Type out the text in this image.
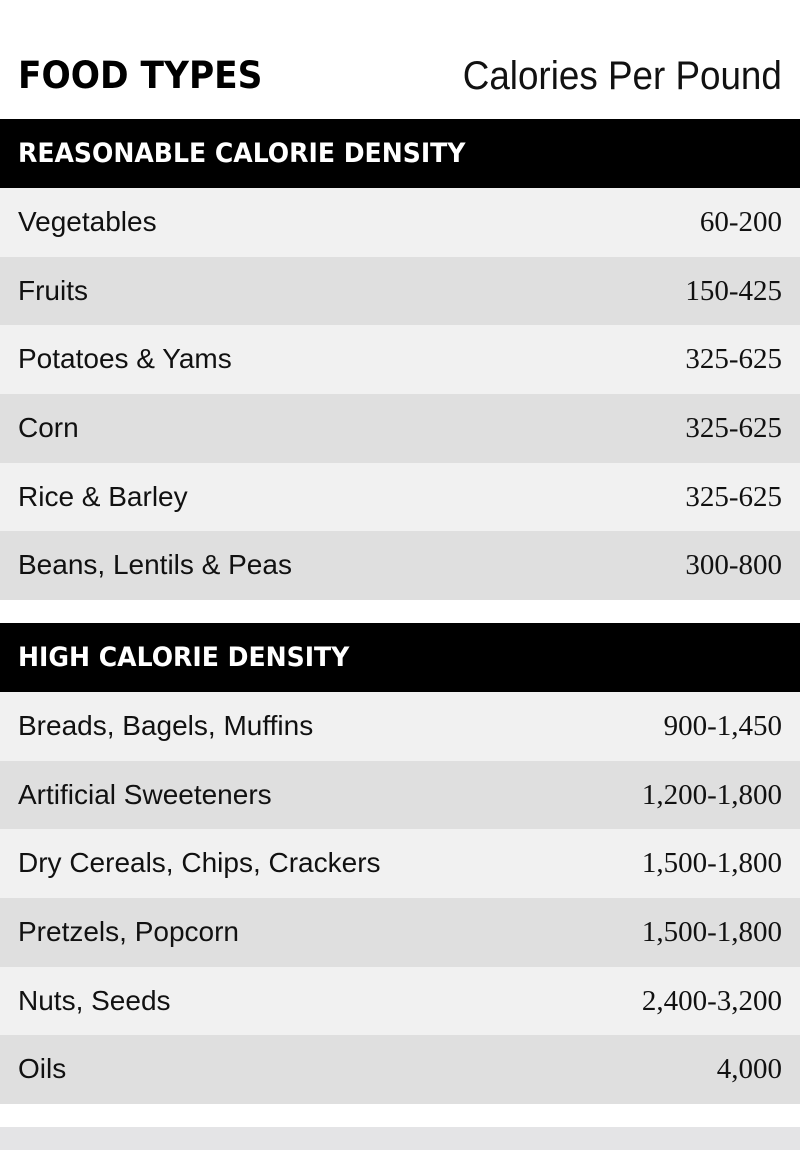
FOOD TYPES	Calories Per Pound
REASONABLE CALORIE DENSITY
Vegetables	60-200
Fruits	150-425
Potatoes & Yams	325-625
Corn	325-625
Rice & Barley	325-625
Beans, Lentils & Peas	300-800
HIGH CALORIE DENSITY
Breads, Bagels, Muffins	900-1,450
Artificial Sweeteners	1,200-1,800
Dry Cereals, Chips, Crackers	1,500-1,800
Pretzels, Popcorn	1,500-1,800
Nuts, Seeds	2,400-3,200
Oils	4,000
